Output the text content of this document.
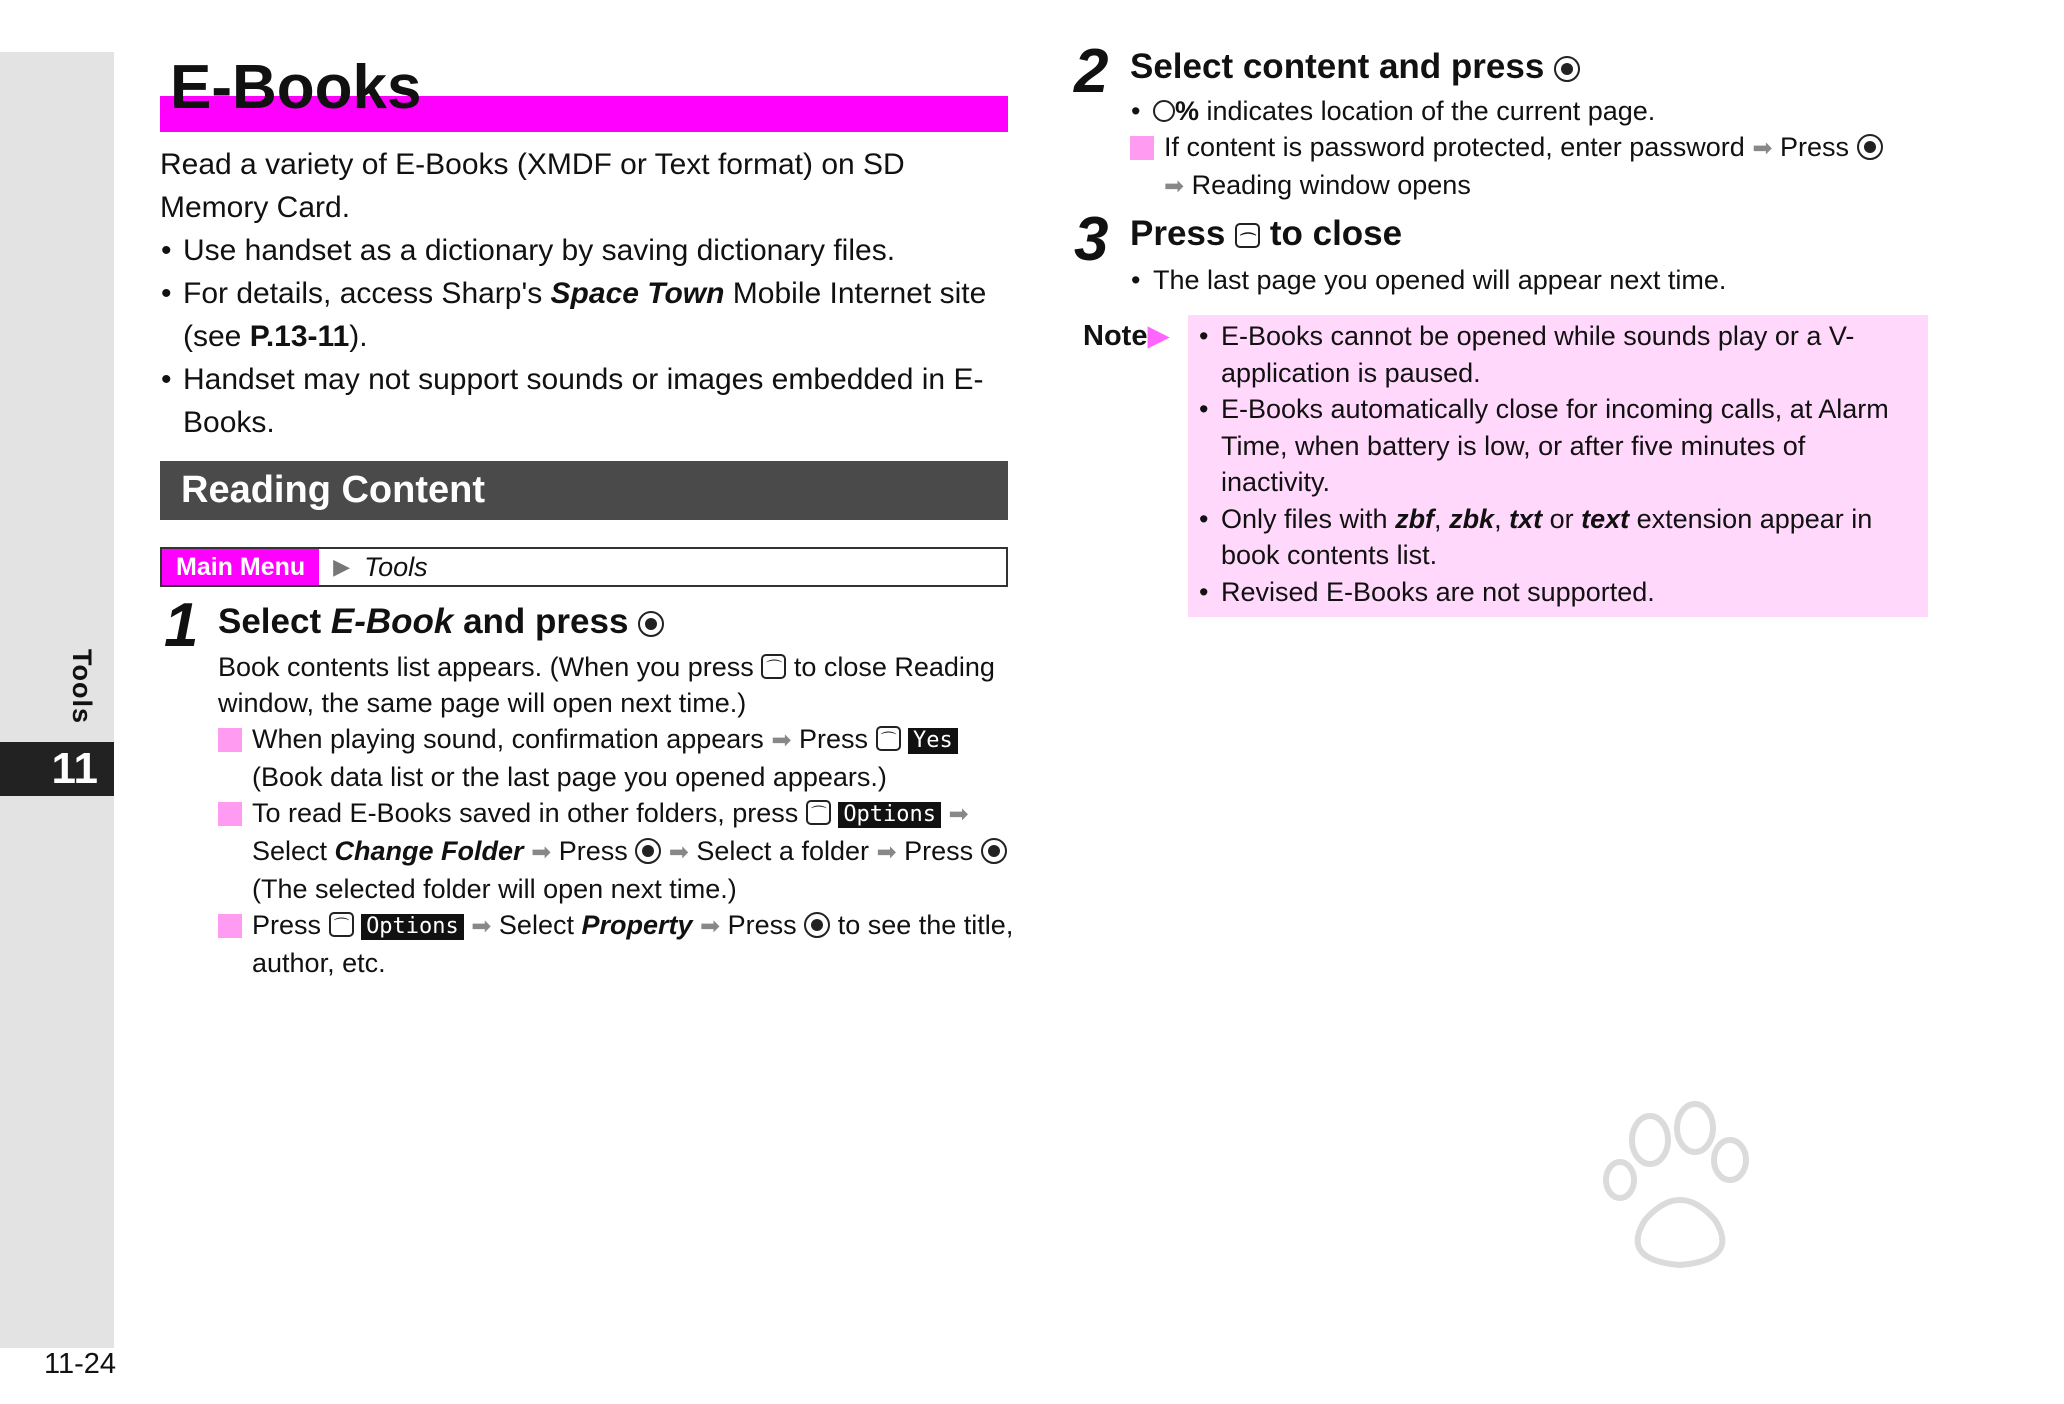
Tools
11
11-24
E-Books
Read a variety of E-Books (XMDF or Text format) on SD Memory Card.
• Use handset as a dictionary by saving dictionary files.
• For details, access Sharp's Space Town Mobile Internet site (see P.13-11).
• Handset may not support sounds or images embedded in E-Books.
Reading Content
Main Menu	▶ Tools
1 Select E-Book and press
Book contents list appears. (When you press ⌒ to close Reading window, the same page will open next time.)
When playing sound, confirmation appears ➡ Press ⌒ Yes (Book data list or the last page you opened appears.)
To read E-Books saved in other folders, press ⌒ Options ➡ Select Change Folder ➡ Press ➡ Select a folder ➡ Press  (The selected folder will open next time.)
Press ⌒ Options ➡ Select Property ➡ Press to see the title, author, etc.
2 Select content and press
• % indicates location of the current page.
If content is password protected, enter password ➡ Press
➡ Reading window opens
3 Press ⌒ to close
• The last page you opened will appear next time.
Note▶	• E-Books cannot be opened while sounds play or a V-application is paused.
• E-Books automatically close for incoming calls, at Alarm Time, when battery is low, or after five minutes of inactivity.
• Only files with zbf, zbk, txt or text extension appear in book contents list.
• Revised E-Books are not supported.
